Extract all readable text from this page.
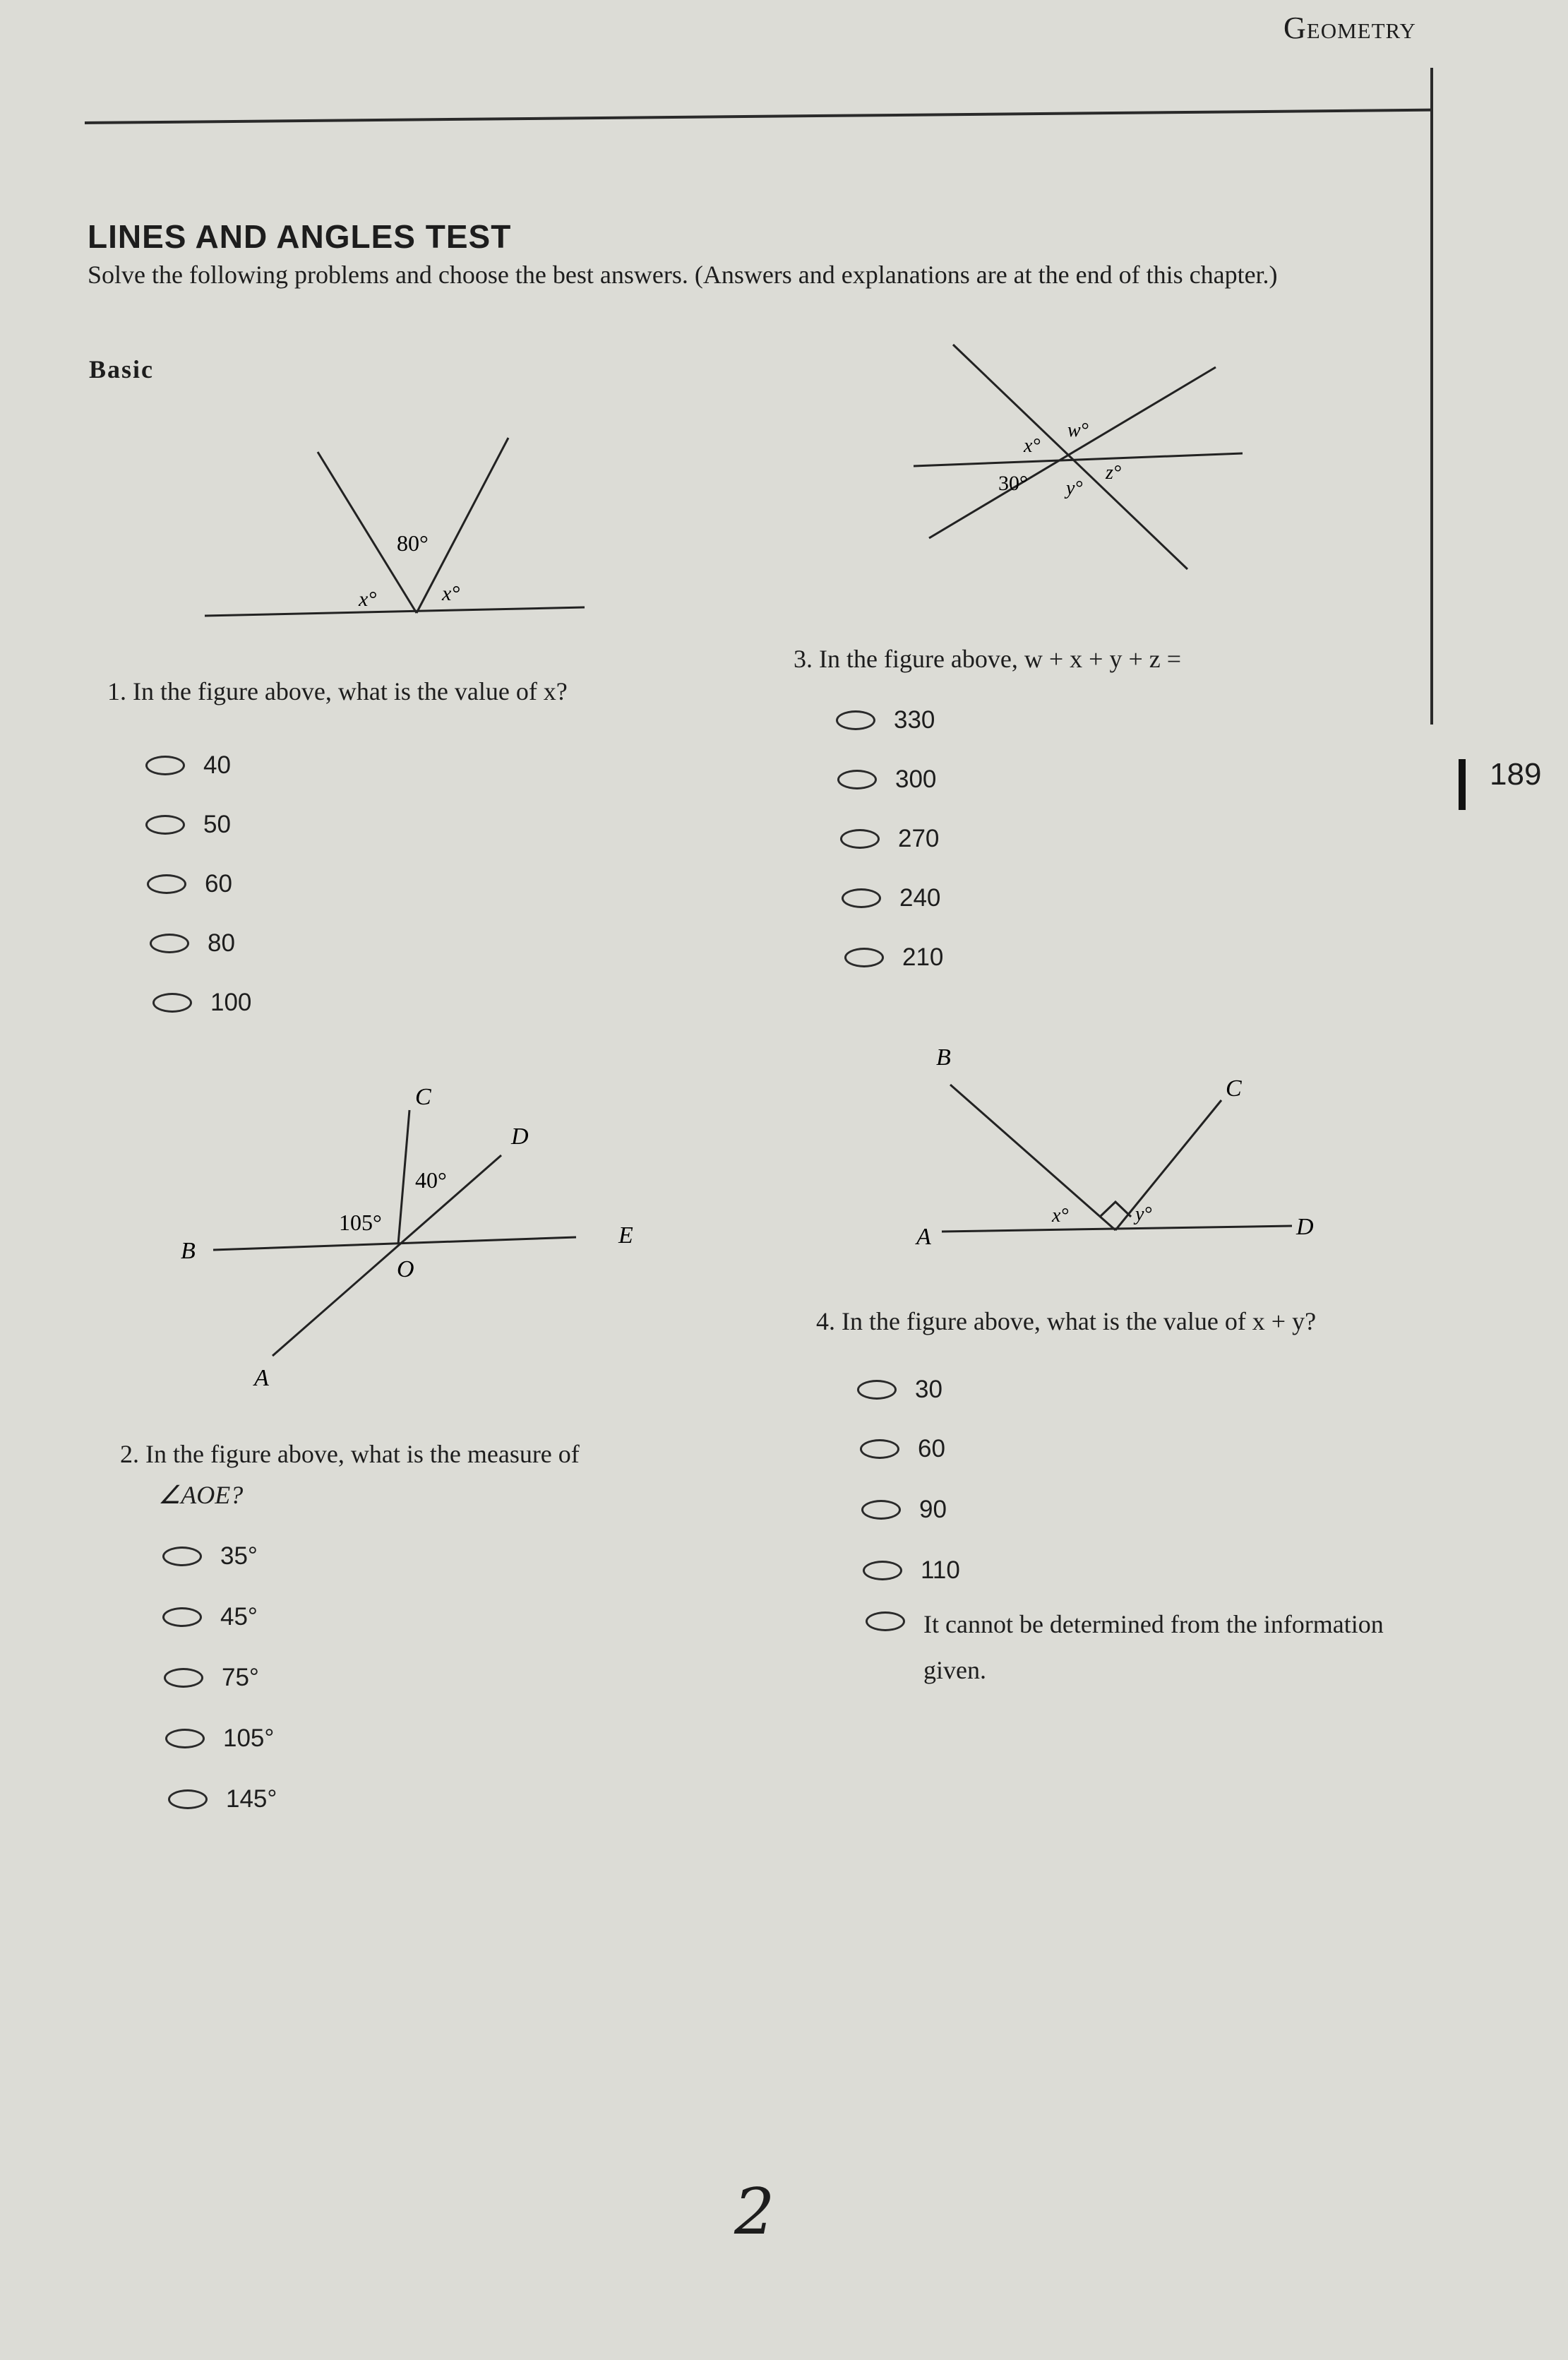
Geometry
189
LINES AND ANGLES TEST
Solve the following problems and choose the best answers. (Answers and explanations are at the end of this chapter.)
Basic
80°
x°	x°
1. In the figure above, what is the value of x?
40
50
60
80
100
x°
w°
30° y°
z°
3. In the figure above, w + x + y + z =
330
300
270
240
210
C
D
B
E
O
A
40°
105°
2. In the figure above, what is the measure of
∠AOE?
35°
45°
75°
105°
145°
B
C
A	D
x°	y°
4. In the figure above, what is the value of x + y?
30
60
90
110
It cannot be determined from the information given.
2
